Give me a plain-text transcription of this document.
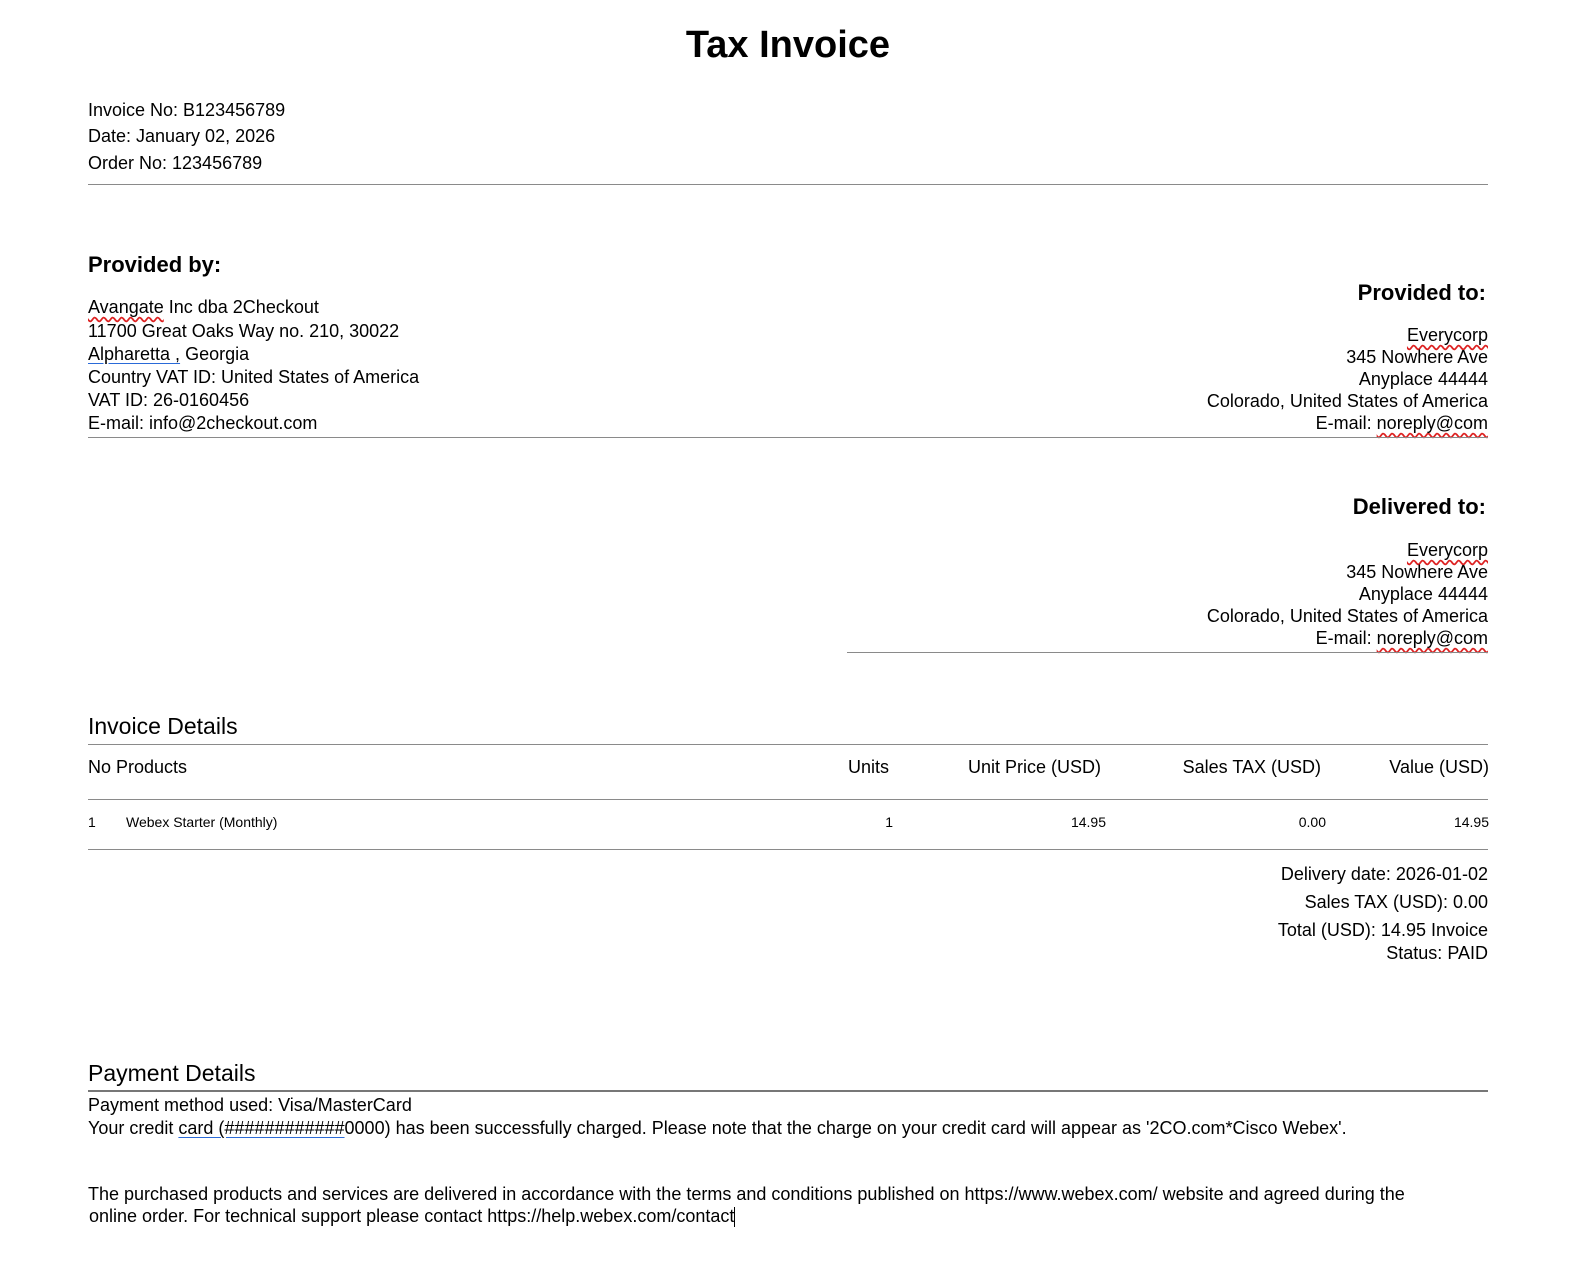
Tax Invoice
Invoice No: B123456789
Date: January 02, 2026
Order No: 123456789
Provided by:
Avangate Inc dba 2Checkout
11700 Great Oaks Way no. 210, 30022
Alpharetta , Georgia
Country VAT ID: United States of America
VAT ID: 26-0160456
E-mail: info@2checkout.com
Provided to:
Everycorp
345 Nowhere Ave
Anyplace 44444
Colorado, United States of America
E-mail: noreply@com
Delivered to:
Everycorp
345 Nowhere Ave
Anyplace 44444
Colorado, United States of America
E-mail: noreply@com
Invoice Details
No Products	Units	Unit Price (USD)	Sales TAX (USD)	Value (USD)
1 Webex Starter (Monthly)	1	14.95	0.00	14.95
Delivery date: 2026-01-02
Sales TAX (USD): 0.00
Total (USD): 14.95 Invoice
Status: PAID
Payment Details
Payment method used: Visa/MasterCard
Your credit card (############0000) has been successfully charged. Please note that the charge on your credit card will appear as '2CO.com*Cisco Webex'.
The purchased products and services are delivered in accordance with the terms and conditions published on https://www.webex.com/ website and agreed during the
online order. For technical support please contact https://help.webex.com/contact
